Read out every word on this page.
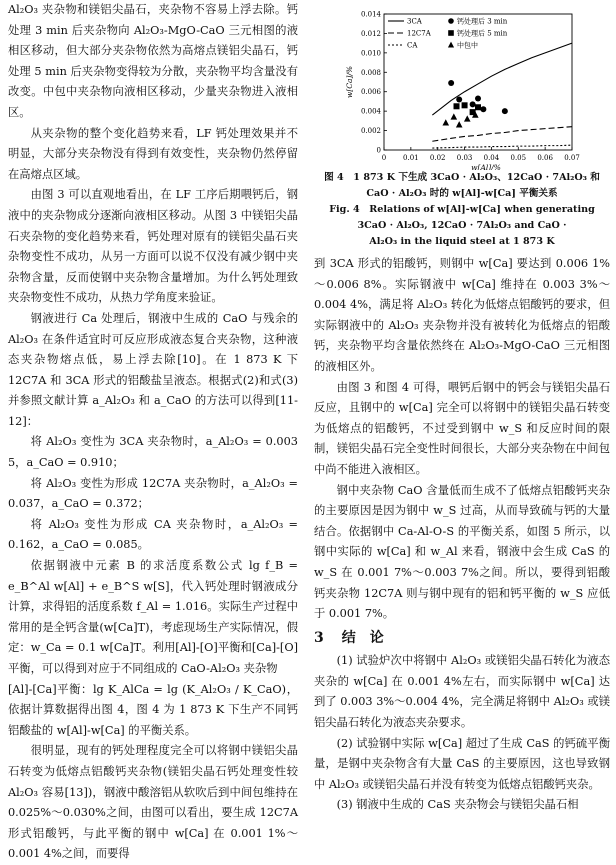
Al₂O₃ 夹杂物和镁铝尖晶石，夹杂物不容易上浮去除。钙处理 3 min 后夹杂物向 Al₂O₃-MgO-CaO 三元相图的液相区移动，但大部分夹杂物依然为高熔点镁铝尖晶石，钙处理 5 min 后夹杂物变得较为分散，夹杂物平均含量没有改变。中包中夹杂物向液相区移动，少量夹杂物进入液相区。

从夹杂物的整个变化趋势来看，LF 钙处理效果并不明显，大部分夹杂物没有得到有效变性，夹杂物仍然停留在高熔点区域。

由图 3 可以直观地看出，在 LF 工序后期喂钙后，钢液中的夹杂物成分逐渐向液相区移动。从图 3 中镁铝尖晶石夹杂物的变化趋势来看，钙处理对原有的镁铝尖晶石夹杂物变性不成功，从另一方面可以说不仅没有减少钢中夹杂物含量，反而使钢中夹杂物含量增加。为什么钙处理致夹杂物变性不成功，从热力学角度来验证。

钢液进行 Ca 处理后，钢液中生成的 CaO 与残余的 Al₂O₃ 在条件适宜时可反应形成液态复合夹杂物，这种液态夹杂物熔点低，易上浮去除[10]。在 1 873 K 下 12C7A 和 3CA 形式的铝酸盐呈液态。根据式(2)和式(3)并参照文献计算 a_Al₂O₃ 和 a_CaO 的方法可以得到[11-12]：

将 Al₂O₃ 变性为 3CA 夹杂物时，a_Al₂O₃ = 0.003 5，a_CaO = 0.910；

将 Al₂O₃ 变性为形成 12C7A 夹杂物时，a_Al₂O₃ = 0.037，a_CaO = 0.372；

将 Al₂O₃ 变性为形成 CA 夹杂物时，a_Al₂O₃ = 0.162，a_CaO = 0.085。

依据钢液中元素 B 的求活度系数公式 lg f_B = e_B^Al w[Al] + e_B^S w[S]，代入钙处理时钢液成分计算，求得铝的活度系数 f_Al = 1.016。实际生产过程中常用的是全钙含量(w[Ca]T)，考虑现场生产实际情况，假定：w_Ca = 0.1 w[Ca]T。利用[Al]-[O]平衡和[Ca]-[O]平衡，可以得到对应于不同组成的 CaO-Al₂O₃ 夹杂物

[Al]-[Ca]平衡：lg K_AlCa = lg (K_Al₂O₃ / K_CaO)，依据计算数据得出图 4，图 4 为 1 873 K 下生产不同钙铝酸盐的 w[Al]-w[Ca] 的平衡关系。

很明显，现有的钙处理程度完全可以将钢中镁铝尖晶石转变为低熔点铝酸钙夹杂物(镁铝尖晶石钙处理变性较 Al₂O₃ 容易[13])，钢液中酸溶铝从软吹后到中间包维持在 0.025%～0.030%之间，由图可以看出，要生成 12C7A 形式铝酸钙，与此平衡的钢中 w[Ca] 在 0.001 1%～0.001 4%之间，而要得

0 0.01 0.02 0.03 0.04 0.05 0.06 0.07
0
0.002
0.004
0.006
0.008
0.010
0.012
0.014
w[Al]/%
w[Ca]/%
3CA	钙处理后 3 min
12C7A	钙处理后 5 min
CA	中包中
图 4　1 873 K 下生成 3CaO · Al₂O₃、12CaO · 7Al₂O₃ 和
CaO · Al₂O₃ 时的 w[Al]-w[Ca] 平衡关系
Fig. 4　Relations of w[Al]-w[Ca] when generating
3CaO · Al₂O₃, 12CaO · 7Al₂O₃ and CaO ·
Al₂O₃ in the liquid steel at 1 873 K

到 3CA 形式的铝酸钙，则钢中 w[Ca] 要达到 0.006 1%～0.006 8%。实际钢液中 w[Ca] 维持在 0.003 3%～0.004 4%，满足将 Al₂O₃ 转化为低熔点铝酸钙的要求，但实际钢液中的 Al₂O₃ 夹杂物并没有被转化为低熔点的铝酸钙，夹杂物平均含量依然终在 Al₂O₃-MgO-CaO 三元相图的液相区外。

由图 3 和图 4 可得，喂钙后钢中的钙会与镁铝尖晶石反应，且钢中的 w[Ca] 完全可以将钢中的镁铝尖晶石转变为低熔点的铝酸钙，不过受到钢中 w_S 和反应时间的限制，镁铝尖晶石完全变性时间很长，大部分夹杂物在中间包中尚不能进入液相区。

钢中夹杂物 CaO 含量低而生成不了低熔点铝酸钙夹杂的主要原因是因为钢中 w_S 过高，从而导致硫与钙的大量结合。依据钢中 Ca-Al-O-S 的平衡关系，如图 5 所示，以钢中实际的 w[Ca] 和 w_Al 来看，钢液中会生成 CaS 的 w_S 在 0.001 7%～0.003 7%之间。所以，要得到铝酸钙夹杂物 12C7A 则与钢中现有的铝和钙平衡的 w_S 应低于 0.001 7%。

3 结　论

(1) 试验炉次中将钢中 Al₂O₃ 或镁铝尖晶石转化为液态夹杂的 w[Ca] 在 0.001 4%左右，而实际钢中 w[Ca] 达到了 0.003 3%～0.004 4%，完全满足将钢中 Al₂O₃ 或镁铝尖晶石转化为液态夹杂要求。

(2) 试验钢中实际 w[Ca] 超过了生成 CaS 的钙硫平衡量，是钢中夹杂物含有大量 CaS 的主要原因，这也导致钢中 Al₂O₃ 或镁铝尖晶石并没有转变为低熔点铝酸钙夹杂。

(3) 钢液中生成的 CaS 夹杂物会与镁铝尖晶石相
